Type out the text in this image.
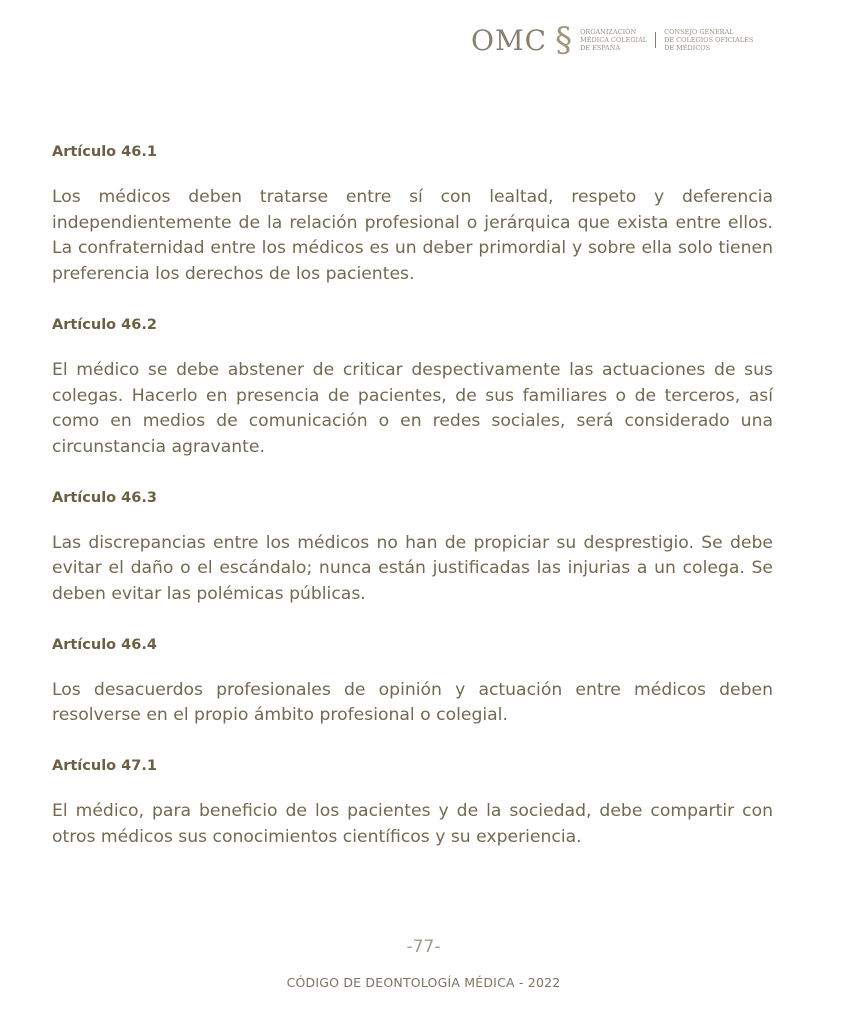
OMC § ORGANIZACIÓN
MÉDICA COLEGIAL
DE ESPAÑA
CONSEJO GENERAL
DE COLEGIOS OFICIALES
DE MÉDICOS
Artículo 46.1

Los médicos deben tratarse entre sí con lealtad, respeto y deferencia independientemente de la relación profesional o jerárquica que exista entre ellos. La confraternidad entre los médicos es un deber primordial y sobre ella solo tienen preferencia los derechos de los pacientes.

Artículo 46.2

El médico se debe abstener de criticar despectivamente las actuaciones de sus colegas. Hacerlo en presencia de pacientes, de sus familiares o de terceros, así como en medios de comunicación o en redes sociales, será considerado una circunstancia agravante.

Artículo 46.3

Las discrepancias entre los médicos no han de propiciar su desprestigio. Se debe evitar el daño o el escándalo; nunca están justificadas las injurias a un colega. Se deben evitar las polémicas públicas.

Artículo 46.4

Los desacuerdos profesionales de opinión y actuación entre médicos deben resolverse en el propio ámbito profesional o colegial.

Artículo 47.1

El médico, para beneficio de los pacientes y de la sociedad, debe compartir con otros médicos sus conocimientos científicos y su experiencia.

-77-
CÓDIGO DE DEONTOLOGÍA MÉDICA - 2022
